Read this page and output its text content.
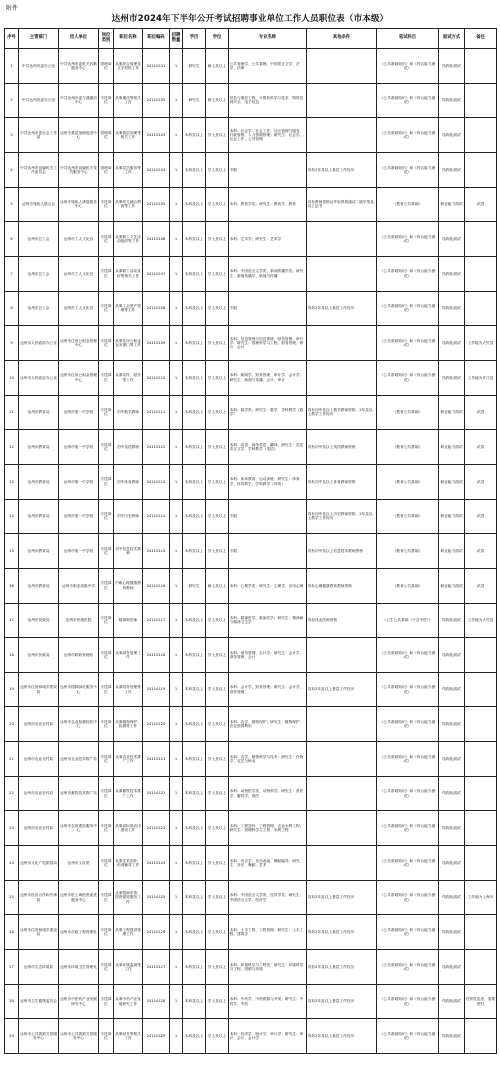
附件
达州市2024年下半年公开考试招聘事业单位工作人员职位表（市本级）
序号	主管部门	用人单位	岗位类别	职位名称	职位编码	招聘数量	学历	学位	专业名称	其他条件	笔试科目	面试方式	备注
1	中共达州市委办公室	中共达州市委机关后勤服务中心	管理岗位	从事综合管理及文字材料工作	24110101	1	研究生	硕士及以上	公共管理学、公共管理、中国语言文学、法学、法律		《公共基础知识》和《综合能力测试》	结构化面试	
2	中共达州市委办公室	中共达州市委与通通信中心	专技岗位	从事通讯等相关工作	24110102	1	研究生	硕士及以上	信息与通信工程、计算机科学与技术、网络空间安全、电子信息		《公共基础知识》和《综合能力测试》	结构化面试	
3	中共达州市委社会工作部	达州市基层治理促进中心	管理岗位	从事基层治理等相关工作	24110103	1	本科及以上	学士及以上	本科：社会学、社会工作、社区管理与服务、行政管理、人力资源管理；研究生：社会学、社会工作、公共管理		《公共基础知识》和《综合能力测试》	结构化面试	
4	中共达州市直属机关工作委员会	中共达州市直属机关党员服务中心	管理岗位	从事党员服务等工作	24110104	1	本科及以上	学士及以上	不限	具有2年及以上基层工作经历	《公共基础知识》和《综合能力测试》	结构化面试	
5	达州市残疾人联合会	达州市残疾人康复服务中心	专技岗位	从事幼儿融合教育等工作	24110105	1	本科及以上	学士及以上	本科：教育学类；研究生：教育学、教育	具有教师资格证并取得普通话二级甲等及以上证书	《教育公共基础》	职业能力面试	试讲
6	达州市总工会	达州市工人文化宫	专技岗位	从事职工文艺活动组织等工作	24110106	1	本科及以上	学士及以上	本科：艺术学；研究生：艺术学		《公共基础知识》和《综合能力测试》	结构化面试	
7	达州市总工会	达州市工人文化宫	专技岗位	从事职工活动宣传等相关工作	24110107	1	本科及以上	学士及以上	本科：中国语言文学类、新闻传播学类；研究生：新闻传播学、新闻与传播		《公共基础知识》和《综合能力测试》	结构化面试	
8	达州市总工会	达州市工人文化宫	专技岗位	从事工会资产管理等工作	24110108	1	本科及以上	学士及以上	不限	具有2年及以上基层工作经历	《公共基础知识》和《综合能力测试》	结构化面试	
9	达州市人民政府办公室	达州市住房公积金管理中心	专技岗位	从事住房公积金业务窗口等工作	24110109	1	本科及以上	学士及以上	本科：信息管理与信息系统、财务管理、审计学；研究生：管理科学与工程、财务管理、审计、会计		《公共基础知识》和《综合能力测试》	结构化面试	工作地为大竹县
10	达州市人民政府办公室	达州市住房公积金管理中心	专技岗位	从事宣传、财务等工作	24110110	1	本科及以上	学士及以上	本科：新闻学、财务管理、审计学、会计学；研究生：新闻与传播、会计、审计		《公共基础知识》和《综合能力测试》	结构化面试	工作地为开江县
11	达州市教育局	达州市第一中学校	专技岗位	初中数学教师	24110111	1	本科及以上	学士及以上	本科：数学类；研究生：数学、学科教学（数学）	具有初中及以上数学教师资格，2年及以上教学工作经历	《教育公共基础》	职业能力面试	试讲
12	达州市教育局	达州市第一中学校	专技岗位	初中英语教师	24110112	1	本科及以上	学士及以上	本科：英语、商务英语、翻译；研究生：英语语言文学、学科教学（英语）	具有初中及以上英语教师资格	《教育公共基础》	职业能力面试	试讲
13	达州市教育局	达州市第一中学校	专技岗位	初中体育教师	24110113	1	本科及以上	学士及以上	本科：体育教育、运动训练；研究生：体育学、体育教学、学科教学（体育）	具有初中及以上体育教师资格	《教育公共基础》	职业能力面试	试讲
14	达州市教育局	达州市第一中学校	专技岗位	初中历史教师	24110114	1	本科及以上	学士及以上	不限	具有初中及以上历史教师资格，2年及以上教学工作经历	《教育公共基础》	职业能力面试	试讲
15	达州市教育局	达州市第一中学校	专技岗位	初中信息技术教师	24110115	1	本科及以上	学士及以上	不限	具有初中及以上信息技术教师资格	《教育公共基础》	职业能力面试	试讲
16	达州市教育局	达州市职业高级中学	专技岗位	中职心理健康教育教师	24110116	1	研究生	硕士及以上	本科：心理学类；研究生：心理学、应用心理	具有心理健康教育教师资格	《教育公共基础》	职业能力面试	试讲
17	达州市民政局	达州市民康医院	专技岗位	精神科医师	24110117	1	本科及以上	学士及以上	本科：精神医学、临床医学；研究生：精神病与精神卫生学	具有执业医师资格	《卫生公共基础（不含中医）》	结构化面试	工作地为大竹县
18	达州市民政局	达州市救助管理站	专技岗位	从事财务管理工作	24110118	1	本科及以上	学士及以上	本科：财务管理、会计学；研究生：会计学、财务管理、会计		《公共基础知识》和《综合能力测试》	结构化面试	
19	达州市住房和城乡建设局	达州市园林绿化服务中心	专技岗位	从事财务管理等工作	24110119	1	本科及以上	学士及以上	本科：会计学、财务管理；研究生：会计学、财务管理	具有2年及以上基层工作经历	《公共基础知识》和《综合能力测试》	结构化面试	
20	达州市农业农村局	达州市农业检测检验中心	专技岗位	从事植物保护、检测等工作	24110120	1	本科及以上	学士及以上	本科：农学、植物保护；研究生：植物保护、农业资源利用		《公共基础知识》和《综合能力测试》	结构化面试	
21	达州市农业农村局	达州市农业技术推广站	专技岗位	从事农业技术推广工作	24110121	1	本科及以上	学士及以上	本科：农学、植物科学与技术；研究生：作物学、农艺与种业		《公共基础知识》和《综合能力测试》	结构化面试	
22	达州市农业农村局	达州市畜牧技术推广站	专技岗位	从事畜牧技术推广工作	24110122	1	本科及以上	学士及以上	本科：动物医学类、动物科学；研究生：兽医学、畜牧学、兽医		《公共基础知识》和《综合能力测试》	结构化面试	
23	达州市农业农村局	达州市农田建设服务中心	专技岗位	从事高标准农田建设工作	24110123	1	本科及以上	学士及以上	本科：工程造价、工程管理、农业水利工程；研究生：管理科学与工程、水利工程		《公共基础知识》和《综合能力测试》	结构化面试	
24	达州市文化广电旅游局	达州市文化馆	专技岗位	从事艺术创作、培训辅导工作	24110124	1	本科及以上	学士及以上	本科：音乐学、音乐表演、舞蹈编导；研究生：音乐、舞蹈、艺术		《公共基础知识》和《综合能力测试》	结构化面试	
25	达州市经济合作和外事局	达州市驻上海投资促进服务中心	专技岗位	从事招商引资、投资促进服务工作	24110125	1	本科及以上	学士及以上	本科：中国语言文学类、经济学类；研究生：中国语言文学、经济学	具有2年及以上基层工作经历	《公共基础知识》和《综合能力测试》	结构化面试	工作地为上海市
26	达州市住房和城乡建设局	达州市市政工程管理处	专技岗位	从事工程建设管理工作	24110126	1	本科及以上	学士及以上	本科：土木工程、工程管理；研究生：土木工程、建筑学	具有2年及以上基层工作经历	《公共基础知识》和《综合能力测试》	结构化面试	
27	达州市生态环境局	达州市环境卫生管理处	专技岗位	从事环境监测等工作	24110127	1	本科及以上	学士及以上	本科：环境科学与工程类；研究生：环境科学与工程、资源与环境	具有2年及以上基层工作经历	《公共基础知识》和《综合能力测试》	结构化面试	
28	达州市卫生健康委员会	达州市中医药产业发展研究中心	专技岗位	从事中药产业发展研究工作	24110128	1	本科及以上	学士及以上	本科：中药学、中药资源与开发；研究生：中药学、中药	具有2年及以上基层工作经历	《公共基础知识》和《综合能力测试》	结构化面试	经常性出差，需要驻村
29	达州市公共资源交易服务中心	达州市公共资源交易服务中心	专技岗位	从事财务等相关工作	24110129	1	本科及以上	学士及以上	本科：经济学、统计学、审计学；研究生：审计、会计、会计学	具有2年及以上基层工作经历	《公共基础知识》和《综合能力测试》	结构化面试	
